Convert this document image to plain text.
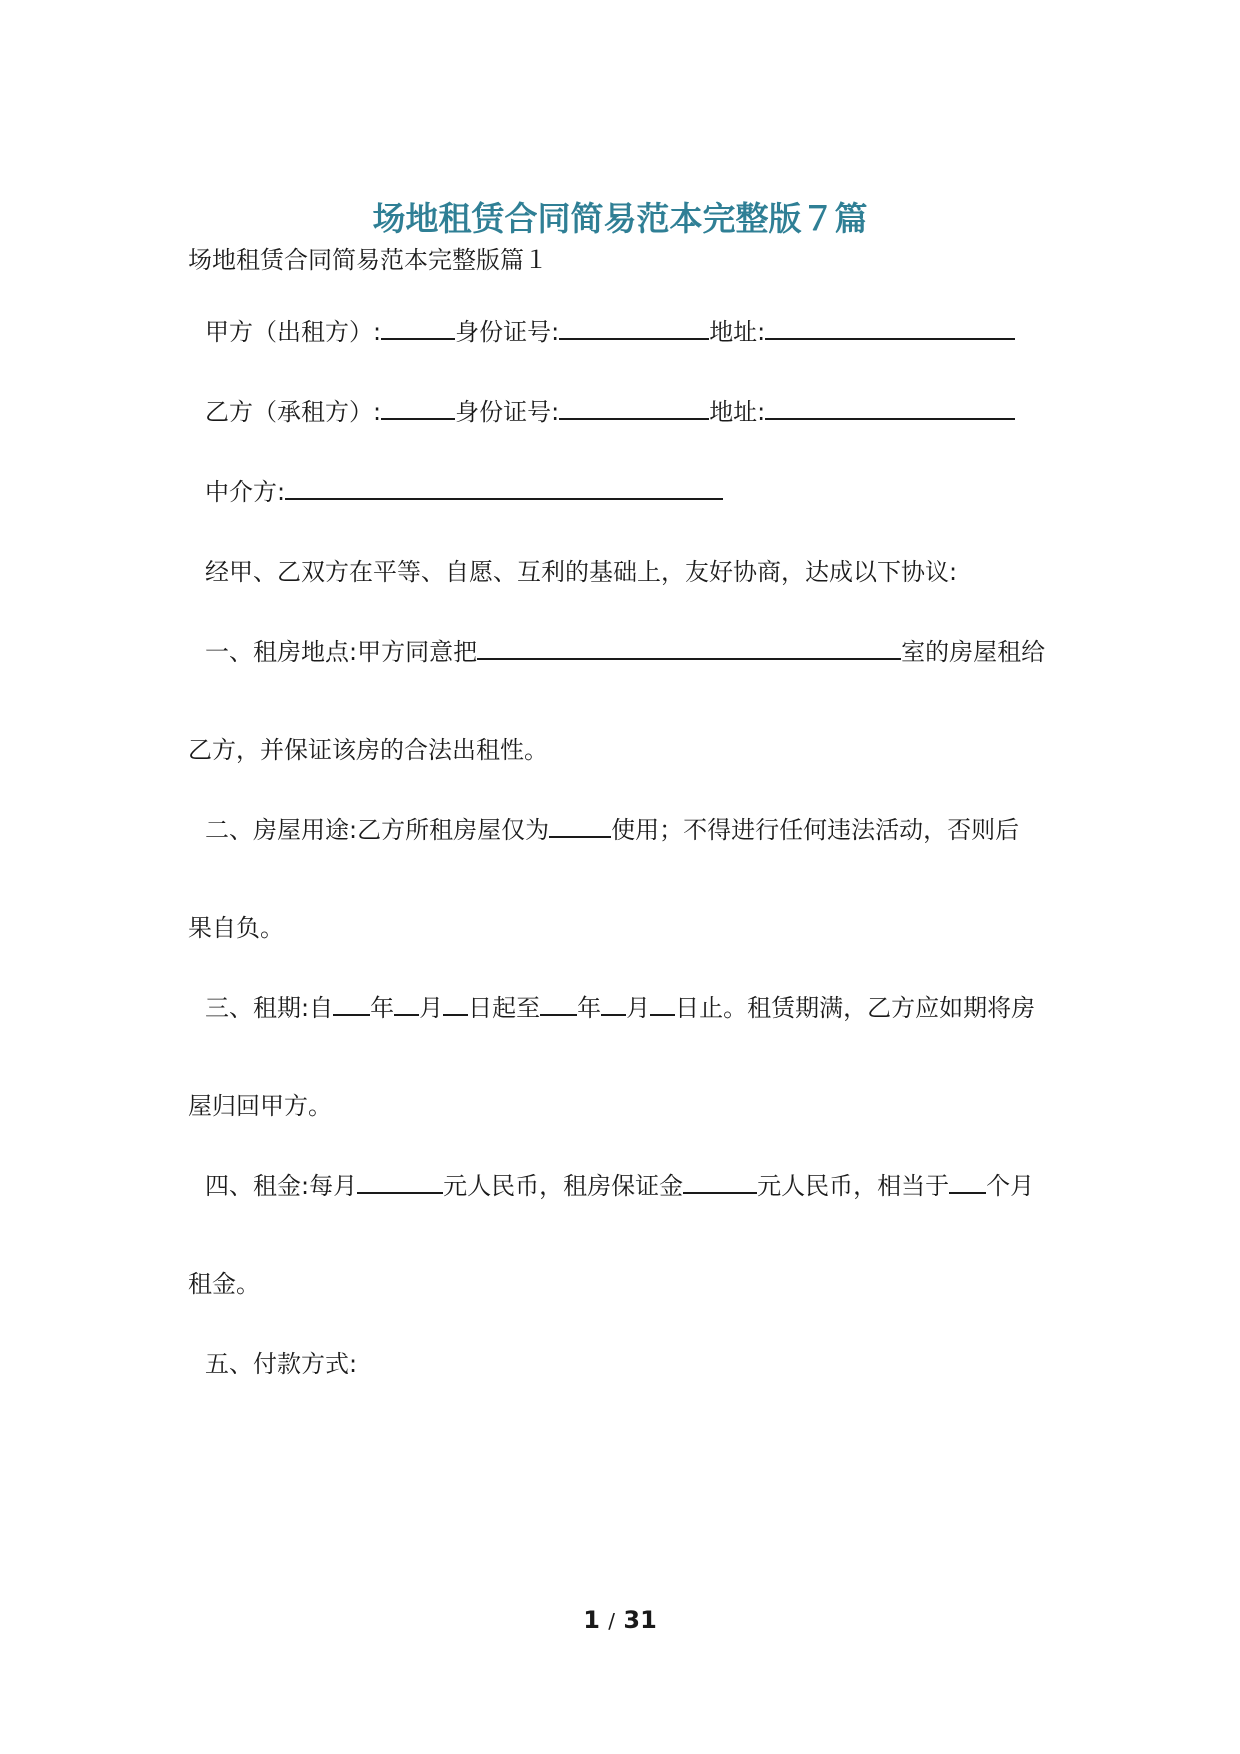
场地租赁合同简易范本完整版７篇
场地租赁合同简易范本完整版篇１
甲方（出租方）:	身份证号:	地址:
乙方（承租方）:	身份证号:	地址:
中介方:
经甲、乙双方在平等、自愿、互利的基础上，友好协商，达成以下协议:
一、租房地点:甲方同意把	室的房屋租给
乙方，并保证该房的合法出租性。
二、房屋用途:乙方所租房屋仅为	使用；不得进行任何违法活动，否则后
果自负。
三、租期:自 年 月 日起至 年 月 日止。租赁期满，乙方应如期将房
屋归回甲方。
四、租金:每月	元人民币，租房保证金	元人民币，相当于 个月
租金。
五、付款方式:
1 / 31
